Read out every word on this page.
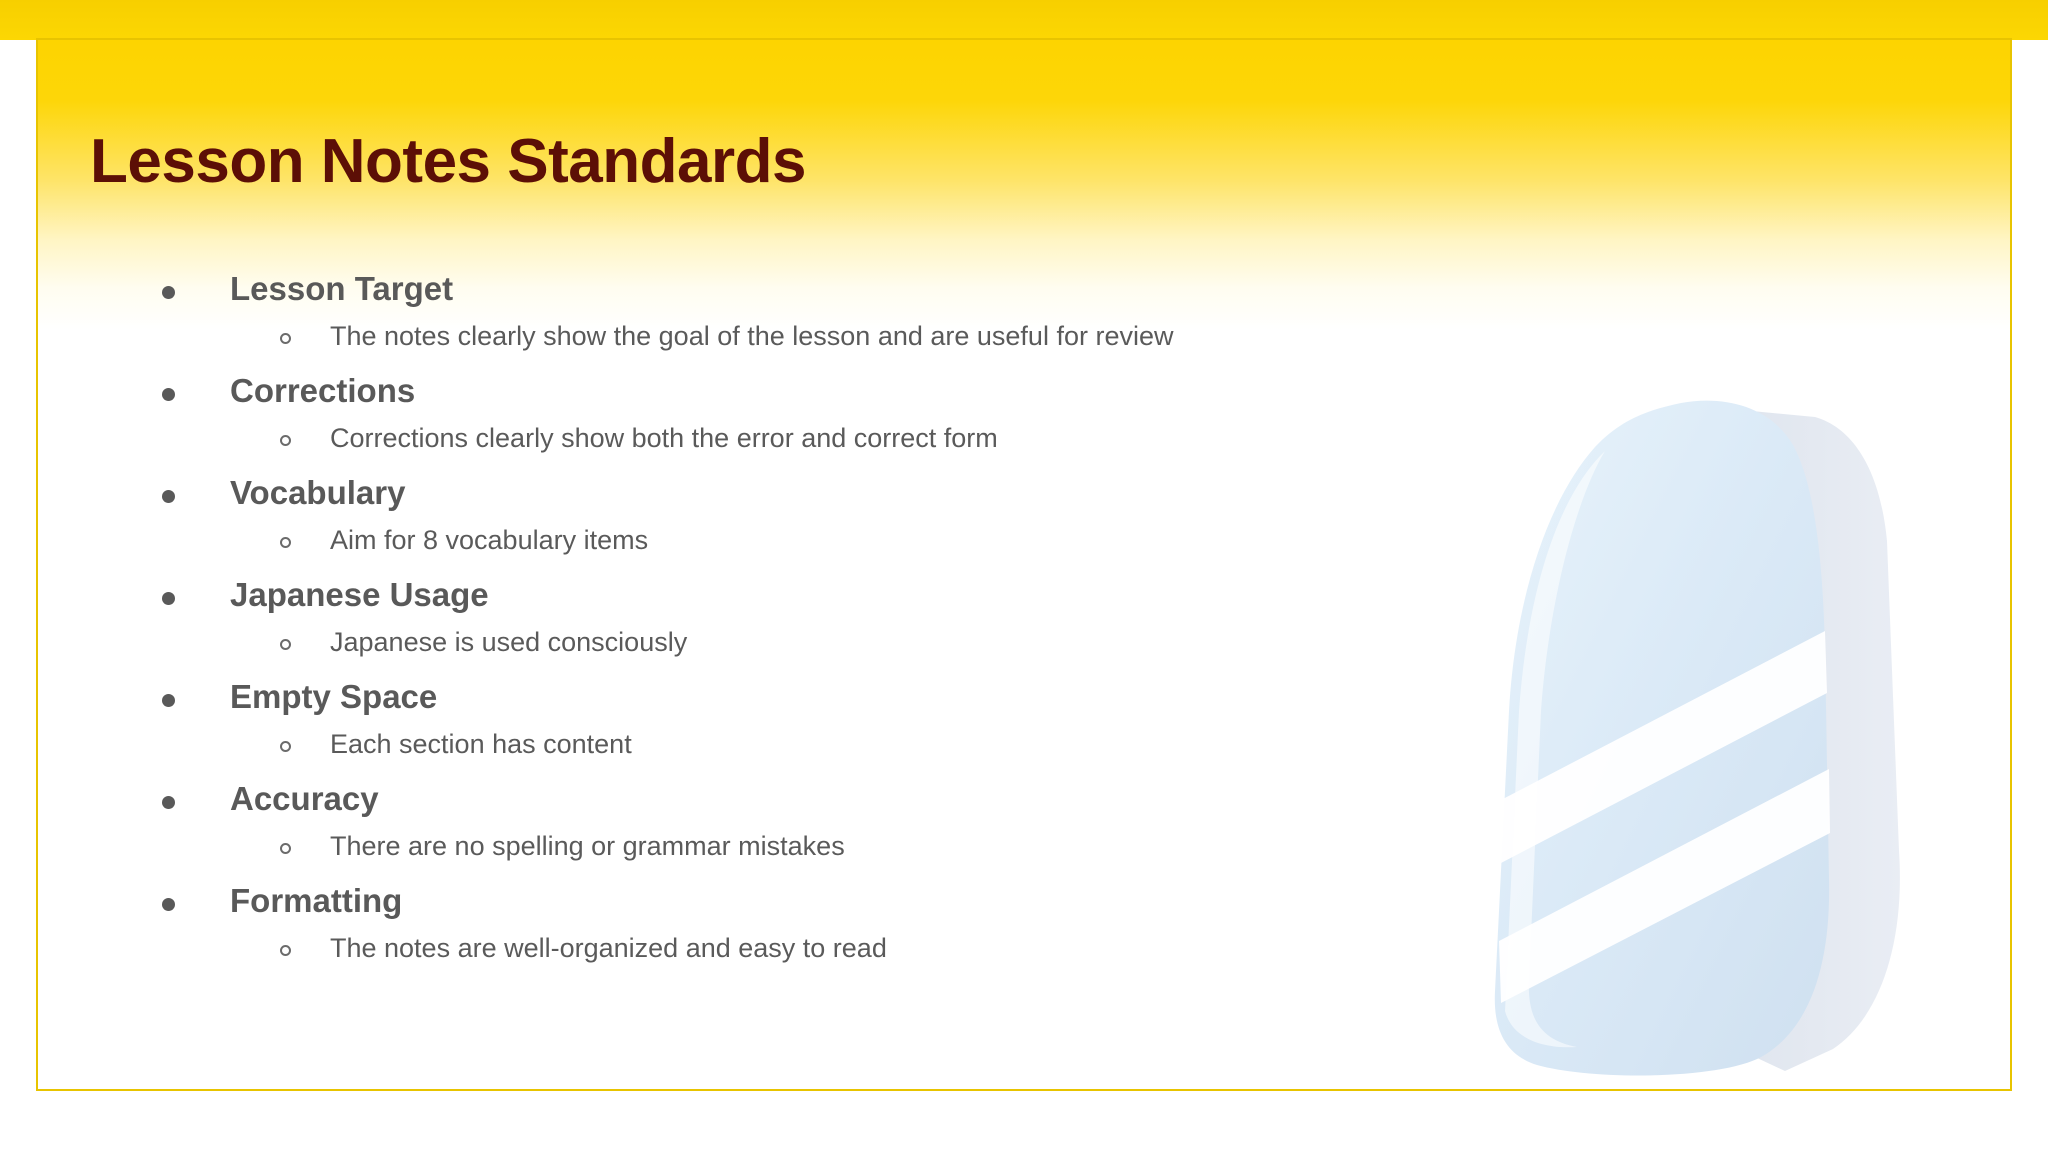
Lesson Notes Standards
Lesson Target
The notes clearly show the goal of the lesson and are useful for review
Corrections
Corrections clearly show both the error and correct form
Vocabulary
Aim for 8 vocabulary items
Japanese Usage
Japanese is used consciously
Empty Space
Each section has content
Accuracy
There are no spelling or grammar mistakes
Formatting
The notes are well-organized and easy to read
